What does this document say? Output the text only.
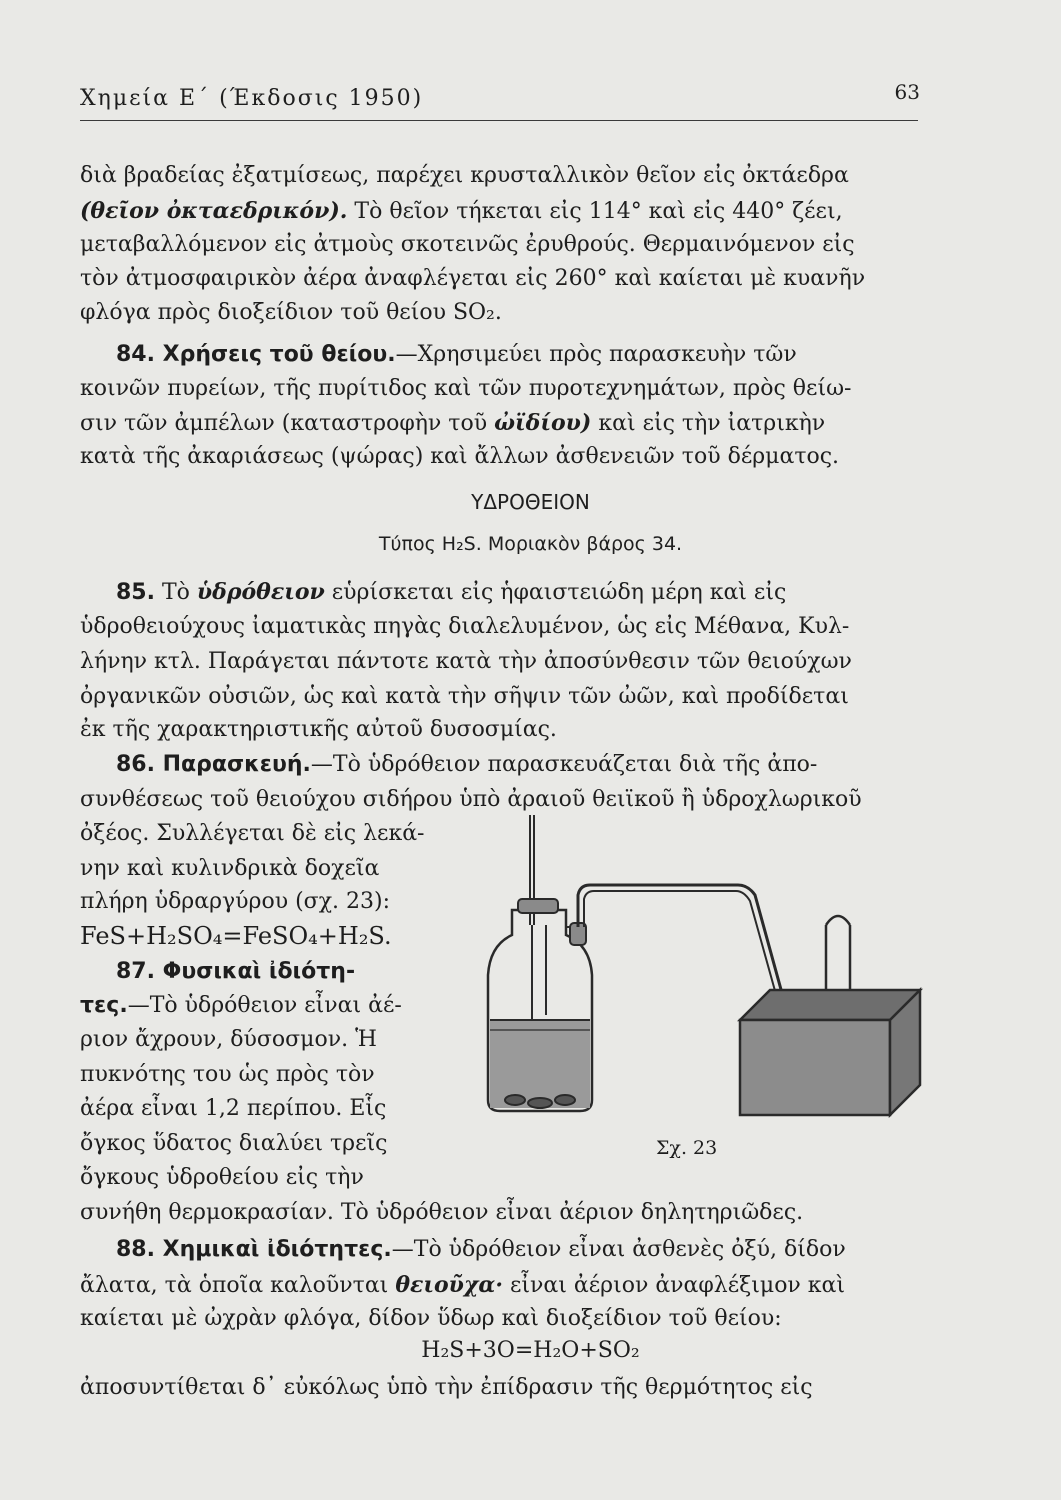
Χημεία Ε΄ (Έκδοσις 1950)	63
διὰ βραδείας ἐξατμίσεως, παρέχει κρυσταλλικὸν θεῖον εἰς ὀκτάεδρα
(θεῖον ὀκταεδρικόν). Τὸ θεῖον τήκεται εἰς 114° καὶ εἰς 440° ζέει,
μεταβαλλόμενον εἰς ἀτμοὺς σκοτεινῶς ἐρυθρούς. Θερμαινόμενον εἰς
τὸν ἀτμοσφαιρικὸν ἀέρα ἀναφλέγεται εἰς 260° καὶ καίεται μὲ κυανῆν
φλόγα πρὸς διοξείδιον τοῦ θείου SO₂.
84. Χρήσεις τοῦ θείου.—Χρησιμεύει πρὸς παρασκευὴν τῶν
κοινῶν πυρείων, τῆς πυρίτιδος καὶ τῶν πυροτεχνημάτων, πρὸς θείω-
σιν τῶν ἀμπέλων (καταστροφὴν τοῦ ὠϊδίου) καὶ εἰς τὴν ἰατρικὴν
κατὰ τῆς ἀκαριάσεως (ψώρας) καὶ ἄλλων ἀσθενειῶν τοῦ δέρματος.
ΥΔΡΟΘΕΙΟΝ
Τύπος H₂S. Μοριακὸν βάρος 34.
85. Τὸ ὑδρόθειον εὑρίσκεται εἰς ἡφαιστειώδη μέρη καὶ εἰς
ὑδροθειούχους ἰαματικὰς πηγὰς διαλελυμένον, ὡς εἰς Μέθανα, Κυλ-
λήνην κτλ. Παράγεται πάντοτε κατὰ τὴν ἀποσύνθεσιν τῶν θειούχων
ὀργανικῶν οὐσιῶν, ὡς καὶ κατὰ τὴν σῆψιν τῶν ὠῶν, καὶ προδίδεται
ἐκ τῆς χαρακτηριστικῆς αὐτοῦ δυσοσμίας.
86. Παρασκευή.—Τὸ ὑδρόθειον παρασκευάζεται διὰ τῆς ἀπο-
συνθέσεως τοῦ θειούχου σιδήρου ὑπὸ ἀραιοῦ θειϊκοῦ ἢ ὑδροχλωρικοῦ
ὀξέος. Συλλέγεται δὲ εἰς λεκά-
νην καὶ κυλινδρικὰ δοχεῖα
πλήρη ὑδραργύρου (σχ. 23):
FeS+H₂SO₄=FeSO₄+H₂S.
87. Φυσικαὶ ἰδιότη-
τες.—Τὸ ὑδρόθειον εἶναι ἀέ-
ριον ἄχρουν, δύσοσμον. Ἡ
πυκνότης του ὡς πρὸς τὸν
ἀέρα εἶναι 1,2 περίπου. Εἷς
ὄγκος ὕδατος διαλύει τρεῖς
ὄγκους ὑδροθείου εἰς τὴν
συνήθη θερμοκρασίαν. Τὸ ὑδρόθειον εἶναι ἀέριον δηλητηριῶδες.
Σχ. 23
88. Χημικαὶ ἰδιότητες.—Τὸ ὑδρόθειον εἶναι ἀσθενὲς ὀξύ, δίδον
ἄλατα, τὰ ὁποῖα καλοῦνται θειοῦχα· εἶναι ἀέριον ἀναφλέξιμον καὶ
καίεται μὲ ὠχρὰν φλόγα, δίδον ὕδωρ καὶ διοξείδιον τοῦ θείου:
H₂S+3O=H₂O+SO₂
ἀποσυντίθεται δ᾽ εὐκόλως ὑπὸ τὴν ἐπίδρασιν τῆς θερμότητος εἰς
